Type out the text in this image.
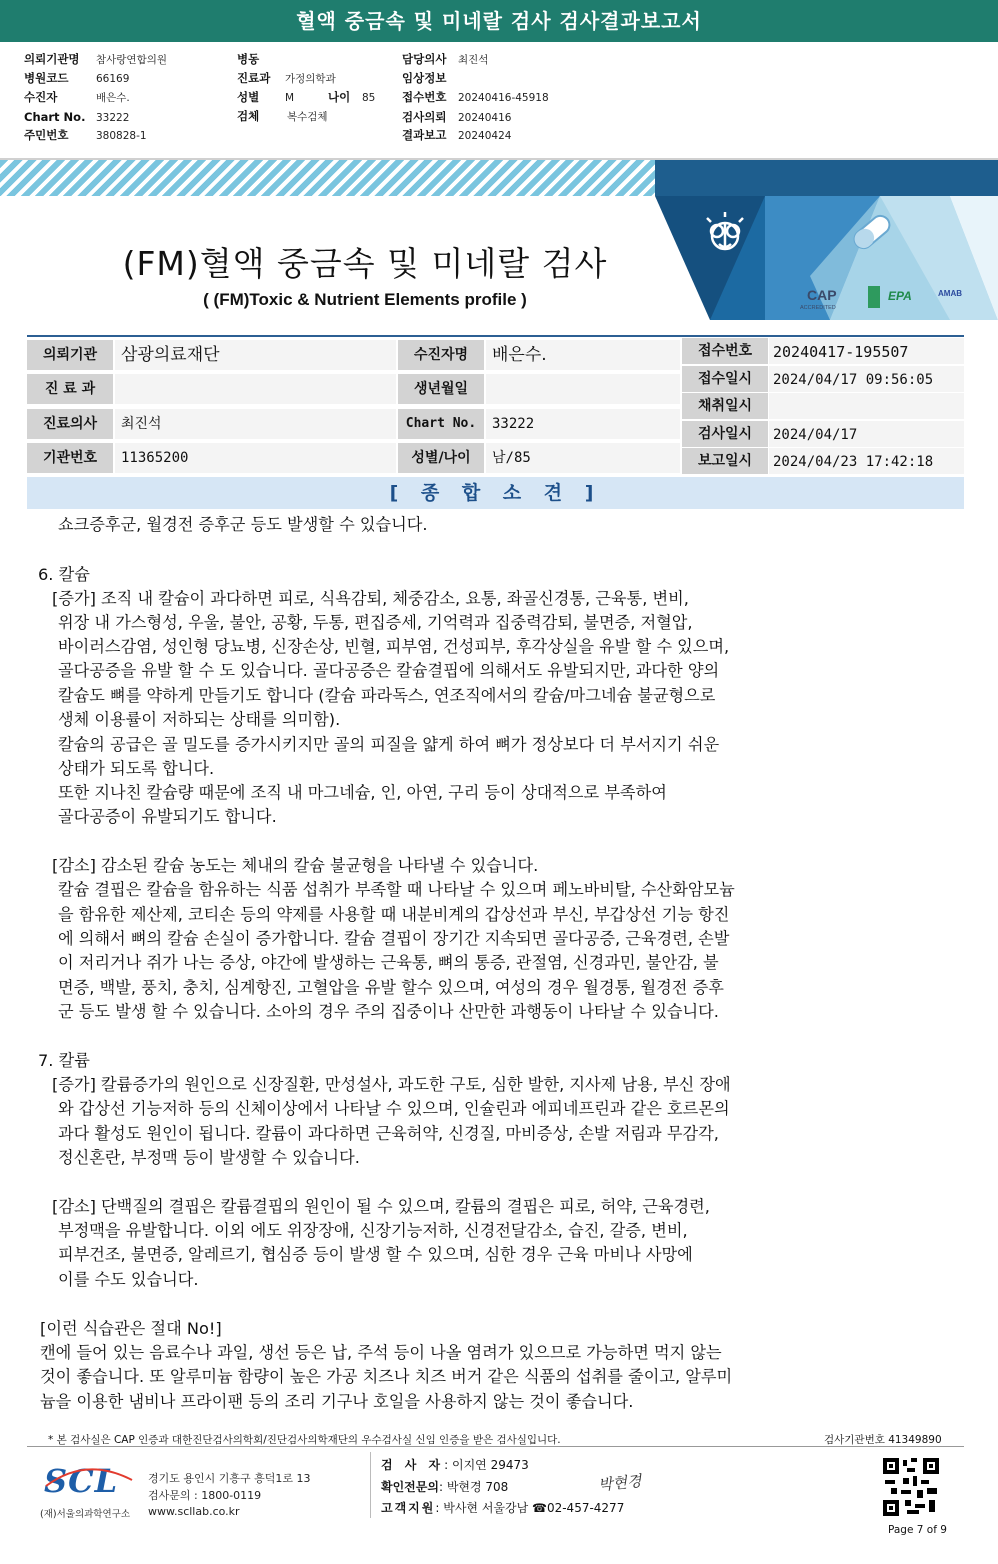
혈액 중금속 및 미네랄 검사 검사결과보고서
의뢰기관명 참사랑연합의원
병원코드	66169
수진자	배은수.
Chart No. 33222
주민번호	380828-1
병동
진료과 가정의학과
성별 M	나이 85
검체	복수검체
담당의사 최진석
임상정보
접수번호 20240416-45918
검사의뢰 20240416
결과보고 20240424
CAP
ACCREDITED
EPA	AMAB
(FM)혈액 중금속 및 미네랄 검사
( (FM)Toxic & Nutrient Elements profile )
의뢰기관	삼광의료재단	수진자명	배은수.
진 료 과	생년월일
진료의사	최진석	Chart No.	33222
기관번호	11365200	성별/나이	남/85
접수번호	20240417-195507
접수일시	2024/04/17 09:56:05
채취일시
검사일시	2024/04/17
보고일시	2024/04/23 17:42:18
[ 종 합 소 견 ]
쇼크증후군, 월경전 증후군 등도 발생할 수 있습니다.
6. 칼슘
[증가] 조직 내 칼슘이 과다하면 피로, 식욕감퇴, 체중감소, 요통, 좌골신경통, 근육통, 변비,
위장 내 가스형성, 우울, 불안, 공황, 두통, 편집증세, 기억력과 집중력감퇴, 불면증, 저혈압,
바이러스감염, 성인형 당뇨병, 신장손상, 빈혈, 피부염, 건성피부, 후각상실을 유발 할 수 있으며,
골다공증을 유발 할 수 도 있습니다. 골다공증은 칼슘결핍에 의해서도 유발되지만, 과다한 양의
칼슘도 뼈를 약하게 만들기도 합니다 (칼슘 파라독스, 연조직에서의 칼슘/마그네슘 불균형으로
생체 이용률이 저하되는 상태를 의미함).
칼슘의 공급은 골 밀도를 증가시키지만 골의 피질을 얇게 하여 뼈가 정상보다 더 부서지기 쉬운
상태가 되도록 합니다.
또한 지나친 칼슘량 때문에 조직 내 마그네슘, 인, 아연, 구리 등이 상대적으로 부족하여
골다공증이 유발되기도 합니다.
[감소] 감소된 칼슘 농도는 체내의 칼슘 불균형을 나타낼 수 있습니다.
칼슘 결핍은 칼슘을 함유하는 식품 섭취가 부족할 때 나타날 수 있으며 페노바비탈, 수산화암모늄
을 함유한 제산제, 코티손 등의 약제를 사용할 때 내분비계의 갑상선과 부신, 부갑상선 기능 항진
에 의해서 뼈의 칼슘 손실이 증가합니다. 칼슘 결핍이 장기간 지속되면 골다공증, 근육경련, 손발
이 저리거나 쥐가 나는 증상, 야간에 발생하는 근육통, 뼈의 통증, 관절염, 신경과민, 불안감, 불
면증, 백발, 풍치, 충치, 심계항진, 고혈압을 유발 할수 있으며, 여성의 경우 월경통, 월경전 증후
군 등도 발생 할 수 있습니다. 소아의 경우 주의 집중이나 산만한 과행동이 나타날 수 있습니다.
7. 칼륨
[증가] 칼륨증가의 원인으로 신장질환, 만성설사, 과도한 구토, 심한 발한, 지사제 남용, 부신 장애
와 갑상선 기능저하 등의 신체이상에서 나타날 수 있으며, 인슐린과 에피네프린과 같은 호르몬의
과다 활성도 원인이 됩니다. 칼륨이 과다하면 근육허약, 신경질, 마비증상, 손발 저림과 무감각,
정신혼란, 부정맥 등이 발생할 수 있습니다.
[감소] 단백질의 결핍은 칼륨결핍의 원인이 될 수 있으며, 칼륨의 결핍은 피로, 허약, 근육경련,
부정맥을 유발합니다. 이외 에도 위장장애, 신장기능저하, 신경전달감소, 습진, 갈증, 변비,
피부건조, 불면증, 알레르기, 협심증 등이 발생 할 수 있으며, 심한 경우 근육 마비나 사망에
이를 수도 있습니다.
[이런 식습관은 절대 No!]
캔에 들어 있는 음료수나 과일, 생선 등은 납, 주석 등이 나올 염려가 있으므로 가능하면 먹지 않는
것이 좋습니다. 또 알루미늄 함량이 높은 가공 치즈나 치즈 버거 같은 식품의 섭취를 줄이고, 알루미
늄을 이용한 냄비나 프라이팬 등의 조리 기구나 호일을 사용하지 않는 것이 좋습니다.
* 본 검사실은 CAP 인증과 대한진단검사의학회/진단검사의학재단의 우수검사실 신임 인증을 받은 검사실입니다.	검사기관번호 41349890
SCL
(재)서울의과학연구소
경기도 용인시 기흥구 흥덕1로 13
검사문의 : 1800-0119
www.scllab.co.kr
검 사 자: 이지연 29473
확인전문의: 박현경 708
고객지원: 박사현 서울강남 ☎02-457-4277
박현경
Page 7 of 9
